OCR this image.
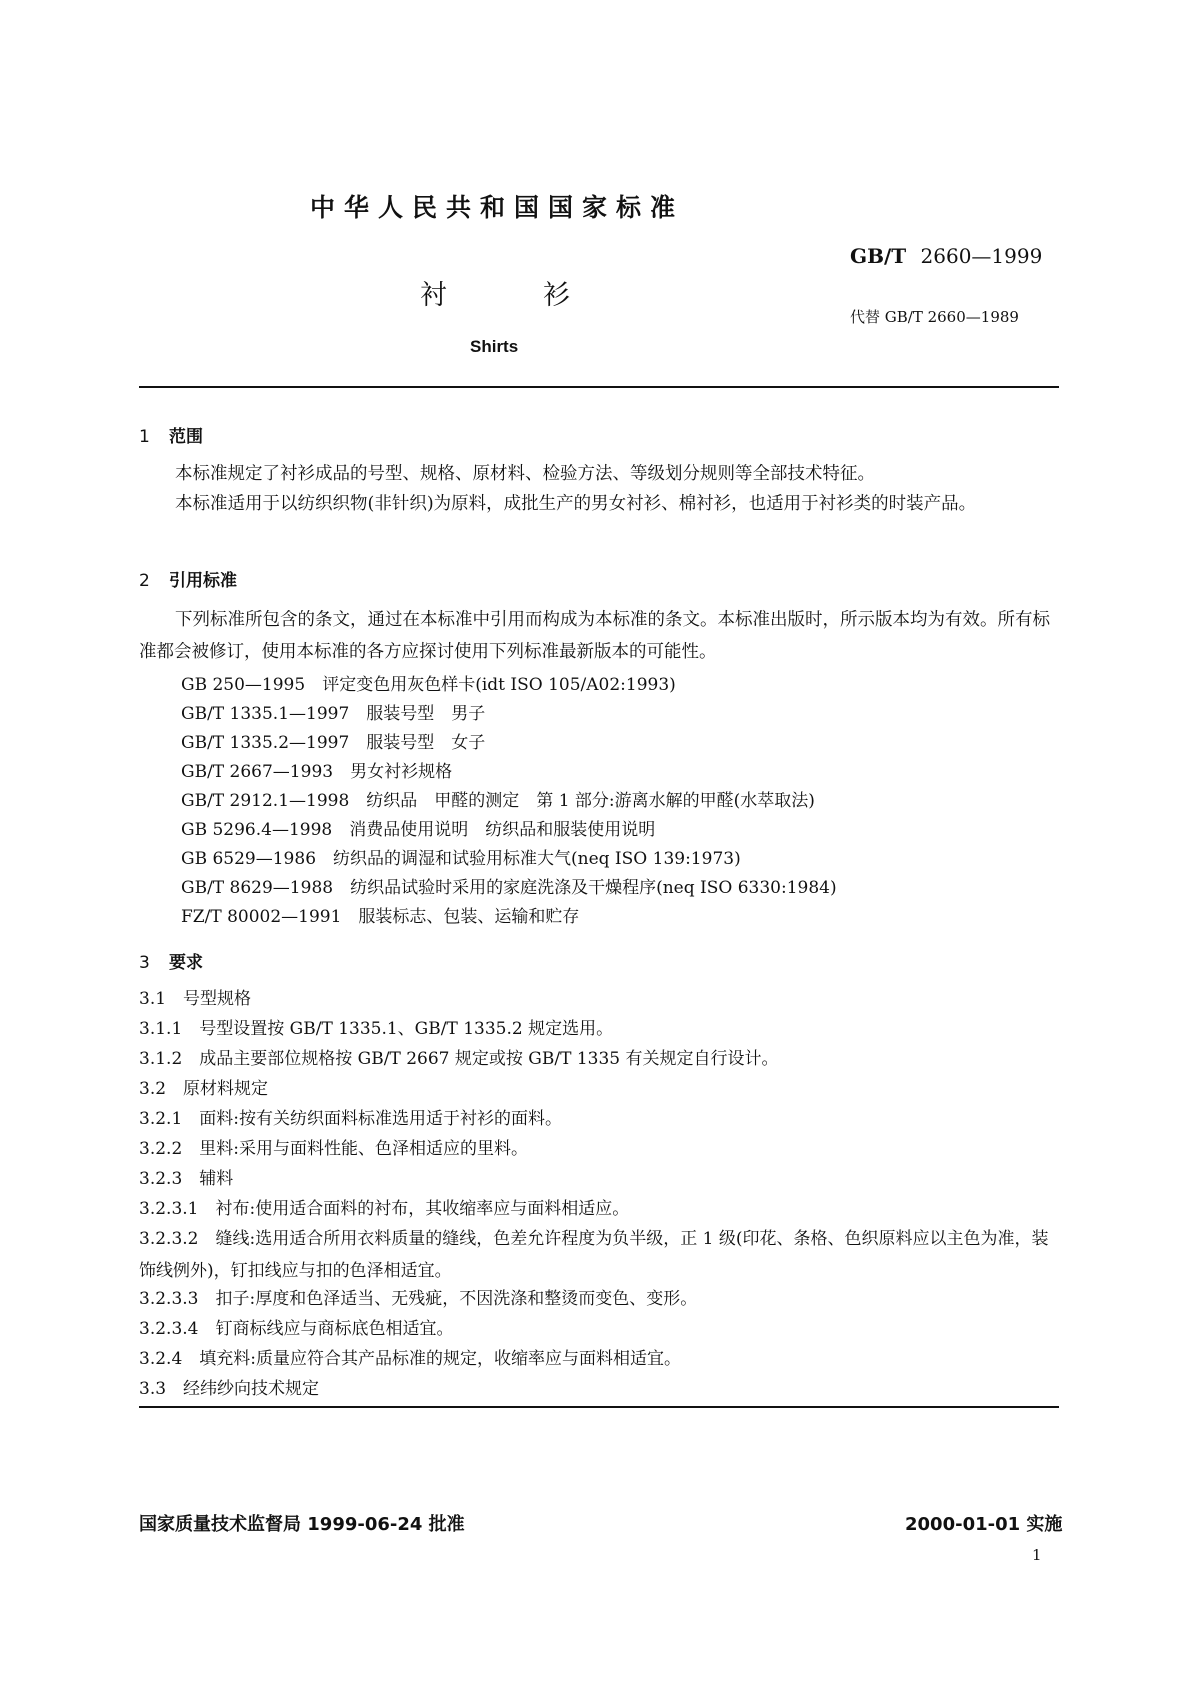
中华人民共和国国家标准
GB/T 2660—1999
衬	衫
代替 GB/T 2660—1989
Shirts
1 范围
本标准规定了衬衫成品的号型、规格、原材料、检验方法、等级划分规则等全部技术特征。
本标准适用于以纺织织物(非针织)为原料，成批生产的男女衬衫、棉衬衫，也适用于衬衫类的时装产品。
2 引用标准
下列标准所包含的条文，通过在本标准中引用而构成为本标准的条文。本标准出版时，所示版本均为有效。所有标准都会被修订，使用本标准的各方应探讨使用下列标准最新版本的可能性。
GB 250—1995　评定变色用灰色样卡(idt ISO 105/A02:1993)
GB/T 1335.1—1997　服装号型　男子
GB/T 1335.2—1997　服装号型　女子
GB/T 2667—1993　男女衬衫规格
GB/T 2912.1—1998　纺织品　甲醛的测定　第 1 部分:游离水解的甲醛(水萃取法)
GB 5296.4—1998　消费品使用说明　纺织品和服装使用说明
GB 6529—1986　纺织品的调湿和试验用标准大气(neq ISO 139:1973)
GB/T 8629—1988　纺织品试验时采用的家庭洗涤及干燥程序(neq ISO 6330:1984)
FZ/T 80002—1991　服装标志、包装、运输和贮存
3 要求
3.1　号型规格
3.1.1　号型设置按 GB/T 1335.1、GB/T 1335.2 规定选用。
3.1.2　成品主要部位规格按 GB/T 2667 规定或按 GB/T 1335 有关规定自行设计。
3.2　原材料规定
3.2.1　面料:按有关纺织面料标准选用适于衬衫的面料。
3.2.2　里料:采用与面料性能、色泽相适应的里料。
3.2.3　辅料
3.2.3.1　衬布:使用适合面料的衬布，其收缩率应与面料相适应。
3.2.3.2　缝线:选用适合所用衣料质量的缝线，色差允许程度为负半级，正 1 级(印花、条格、色织原料应以主色为准，装饰线例外)，钉扣线应与扣的色泽相适宜。
3.2.3.3　扣子:厚度和色泽适当、无残疵，不因洗涤和整烫而变色、变形。
3.2.3.4　钉商标线应与商标底色相适宜。
3.2.4　填充料:质量应符合其产品标准的规定，收缩率应与面料相适宜。
3.3　经纬纱向技术规定
国家质量技术监督局 1999-06-24 批准	2000-01-01 实施
1
